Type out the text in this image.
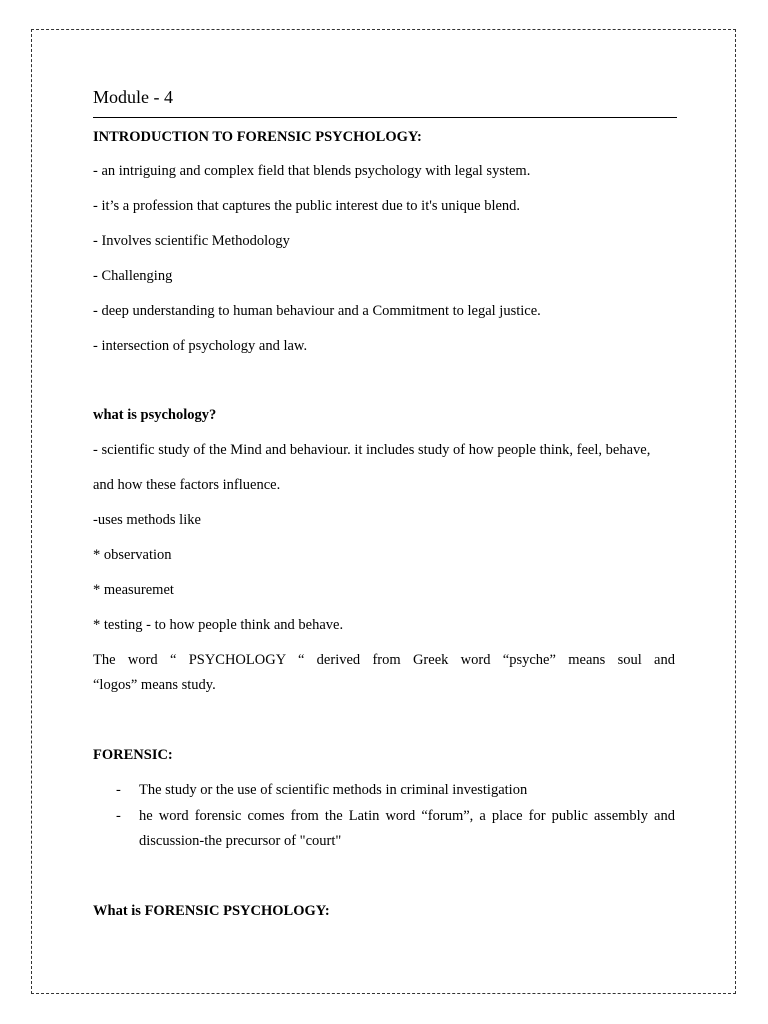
Module - 4
INTRODUCTION TO FORENSIC PSYCHOLOGY:
- an intriguing and complex field that blends psychology with legal system.
- it’s a profession that captures the public interest due to it's unique blend.
- Involves scientific Methodology
- Challenging
- deep understanding to human behaviour and a Commitment to legal justice.
- intersection of psychology and law.
what is psychology?
- scientific study of the Mind and behaviour. it includes study of how people think, feel, behave,
and how these factors influence.
-uses methods like
* observation
* measuremet
* testing - to how people think and behave.
The word “ PSYCHOLOGY “ derived from Greek word “psyche” means soul and
“logos” means study.
FORENSIC:
- The study or the use of scientific methods in criminal investigation
- he word forensic comes from the Latin word “forum”, a place for public assembly and
discussion-the precursor of "court"
What is FORENSIC PSYCHOLOGY:
